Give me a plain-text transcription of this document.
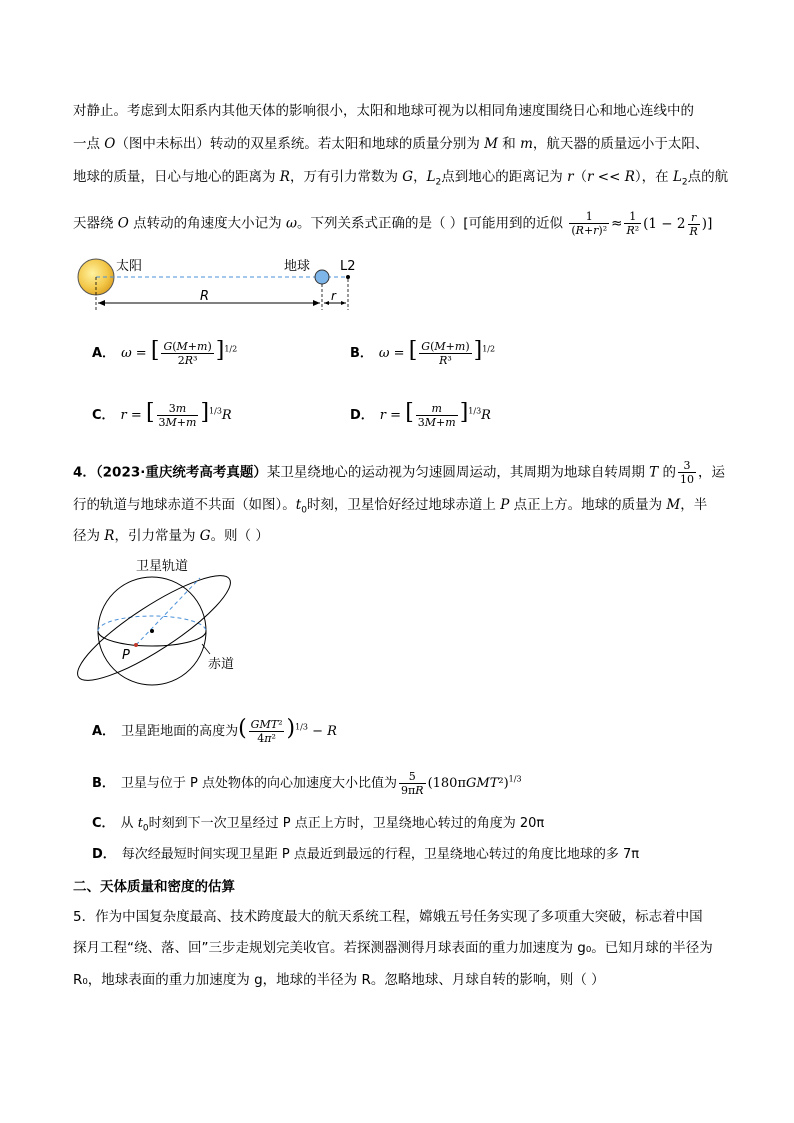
对静止。考虑到太阳系内其他天体的影响很小，太阳和地球可视为以相同角速度围绕日心和地心连线中的
一点 O（图中未标出）转动的双星系统。若太阳和地球的质量分别为 M 和 m，航天器的质量远小于太阳、
地球的质量，日心与地心的距离为 R，万有引力常数为 G，$L_2$点到地心的距离记为 r（r << R），在 $L_2$点的航
天器绕 O 点转动的角速度大小记为 ω。下列关系式正确的是（ ）[可能用到的近似 $\frac{1}{\text{(R+r)²}} \approx \frac{1}{\text{R²}} (1 - 2 \frac{r}{R}$ )]
太阳	地球 L2
R	r
A． ω = [ $\frac{G(M+m)}{\text{2R³}} ]^{1/2}$	B． ω = [ $\frac{G(M+m)}{\text{R³}} ]^{1/2}$
C． r = [ $\frac{3m}{3M+m} ]^{1/3}R$	D． r = [ $\frac{m}{3M+m} ]^{1/3}R$
4．（2023·重庆统考高考真题）某卫星绕地心的运动视为匀速圆周运动，其周期为地球自转周期 T 的 $\frac{3}{10}$ ，运
行的轨道与地球赤道不共面（如图）。$t_0$时刻，卫星恰好经过地球赤道上 P 点正上方。地球的质量为 M，半
径为 R，引力常量为 G。则（ ）
卫星轨道
赤道
P
A． 卫星距地面的高度为( $\frac{\text{GMT²}}{\text{4π²}} )^{1/3} - R$
B． 卫星与位于 P 点处物体的向心加速度大小比值为 $\frac{5}{9\pi R} (180\pi GMT^2)^{1/3}$
C． 从 $t_0$时刻到下一次卫星经过 P 点正上方时，卫星绕地心转过的角度为 20π
D． 每次经最短时间实现卫星距 P 点最近到最远的行程，卫星绕地心转过的角度比地球的多 7π
二、天体质量和密度的估算
5．作为中国复杂度最高、技术跨度最大的航天系统工程，嫦娥五号任务实现了多项重大突破，标志着中国
探月工程“绕、落、回”三步走规划完美收官。若探测器测得月球表面的重力加速度为 g₀。已知月球的半径为
R₀，地球表面的重力加速度为 g，地球的半径为 R。忽略地球、月球自转的影响，则（ ）
